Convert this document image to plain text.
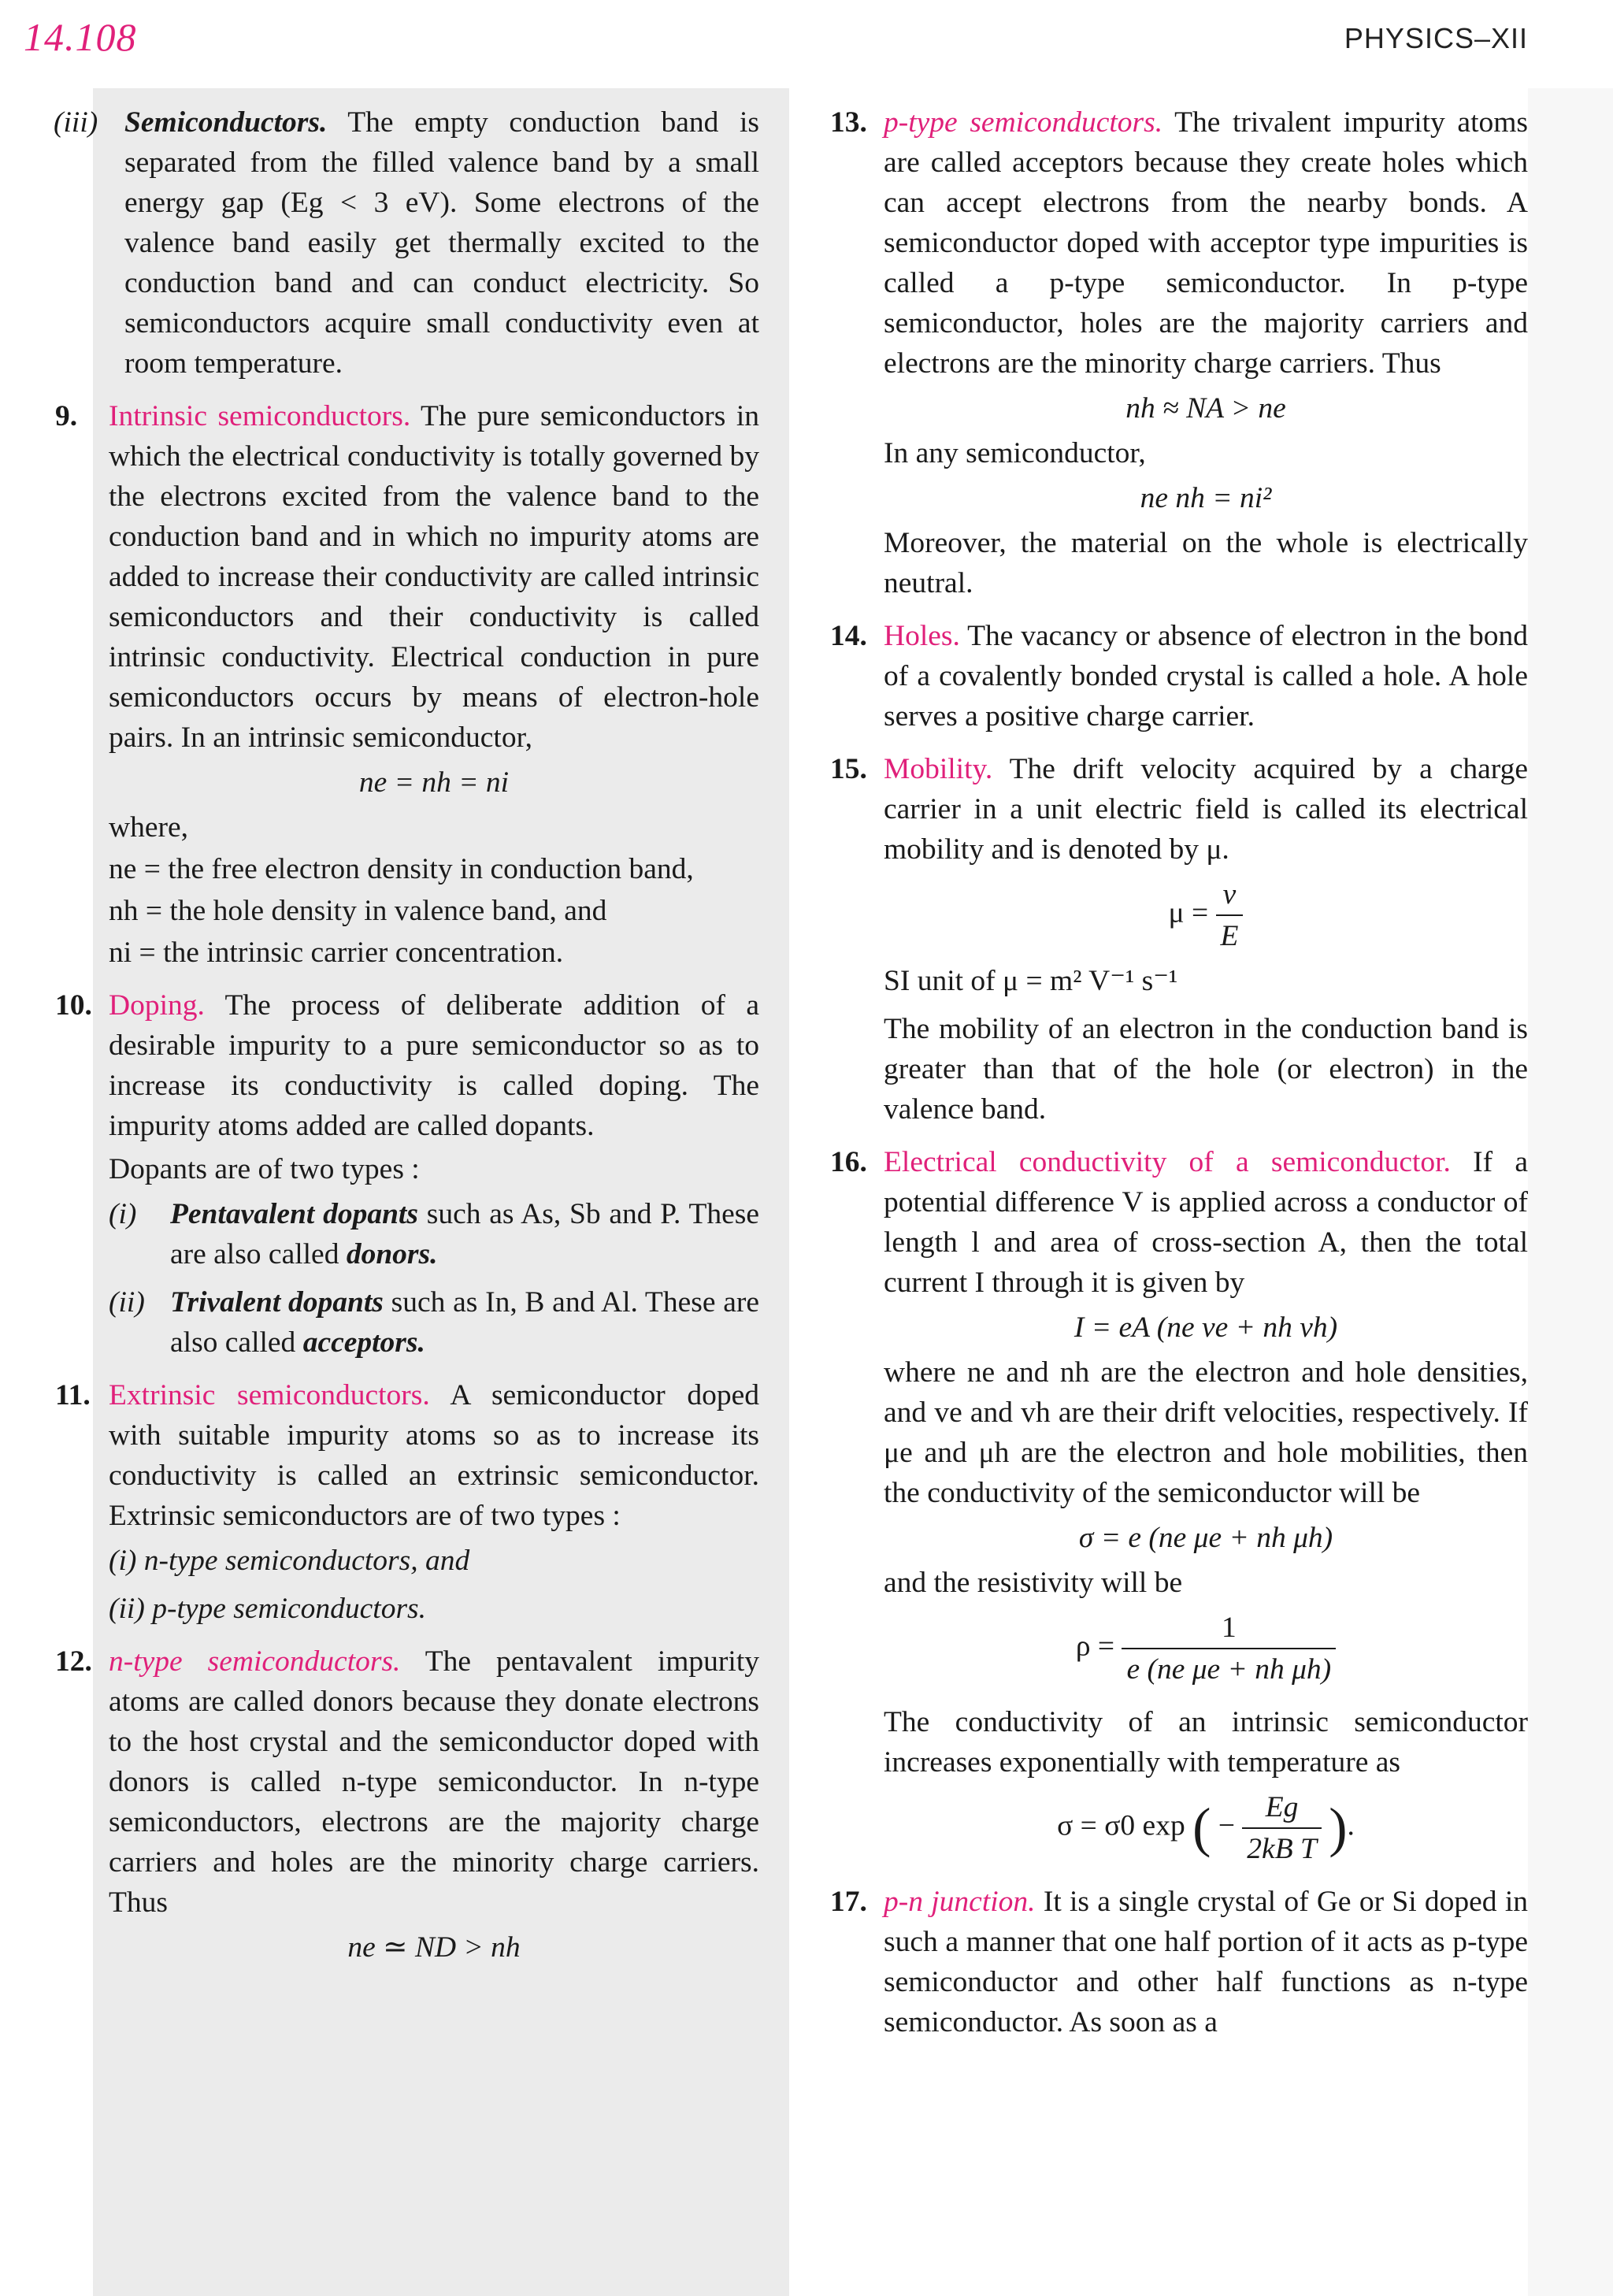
14.108	PHYSICS–XII
(iii) Semiconductors. The empty conduction band is separated from the filled valence band by a small energy gap (Eg < 3 eV). Some electrons of the valence band easily get thermally excited to the conduction band and can conduct electricity. So semiconductors acquire small conductivity even at room temperature.
9. Intrinsic semiconductors. The pure semiconductors in which the electrical conductivity is totally governed by the electrons excited from the valence band to the conduction band and in which no impurity atoms are added to increase their conductivity are called intrinsic semiconductors and their conductivity is called intrinsic conductivity. Electrical conduction in pure semiconductors occurs by means of electron-hole pairs. In an intrinsic semiconductor,
ne = nh = ni
where,
ne = the free electron density in conduction band,
nh = the hole density in valence band, and
ni = the intrinsic carrier concentration.
10. Doping. The process of deliberate addition of a desirable impurity to a pure semiconductor so as to increase its conductivity is called doping. The impurity atoms added are called dopants.
Dopants are of two types :
(i) Pentavalent dopants such as As, Sb and P. These are also called donors.
(ii) Trivalent dopants such as In, B and Al. These are also called acceptors.
11. Extrinsic semiconductors. A semiconductor doped with suitable impurity atoms so as to increase its conductivity is called an extrinsic semiconductor. Extrinsic semiconductors are of two types :
(i) n-type semiconductors, and
(ii) p-type semiconductors.
12. n-type semiconductors. The pentavalent impurity atoms are called donors because they donate electrons to the host crystal and the semiconductor doped with donors is called n-type semiconductor. In n-type semiconductors, electrons are the majority charge carriers and holes are the minority charge carriers. Thus
ne ≃ ND > nh
13. p-type semiconductors. The trivalent impurity atoms are called acceptors because they create holes which can accept electrons from the nearby bonds. A semiconductor doped with acceptor type impurities is called a p-type semiconductor. In p-type semiconductor, holes are the majority carriers and electrons are the minority charge carriers. Thus
nh ≈ NA > ne
In any semiconductor,
ne nh = ni²
Moreover, the material on the whole is electrically neutral.
14. Holes. The vacancy or absence of electron in the bond of a covalently bonded crystal is called a hole. A hole serves a positive charge carrier.
15. Mobility. The drift velocity acquired by a charge carrier in a unit electric field is called its electrical mobility and is denoted by μ.
$\mu = \frac{v}{E}$
SI unit of μ = m² V⁻¹ s⁻¹
The mobility of an electron in the conduction band is greater than that of the hole (or electron) in the valence band.
16. Electrical conductivity of a semiconductor. If a potential difference V is applied across a conductor of length l and area of cross-section A, then the total current I through it is given by
I = eA (ne ve + nh vh)
where ne and nh are the electron and hole densities, and ve and vh are their drift velocities, respectively. If μe and μh are the electron and hole mobilities, then the conductivity of the semiconductor will be
σ = e (ne μe + nh μh)
and the resistivity will be
$\rho = \frac{1}{\text{e (ne μe + nh μh)}}$
The conductivity of an intrinsic semiconductor increases exponentially with temperature as
σ = σ0 exp ( − $\frac{Eg}{\text{2kB T}}$ ).
17. p-n junction. It is a single crystal of Ge or Si doped in such a manner that one half portion of it acts as p-type semiconductor and other half functions as n-type semiconductor. As soon as a
